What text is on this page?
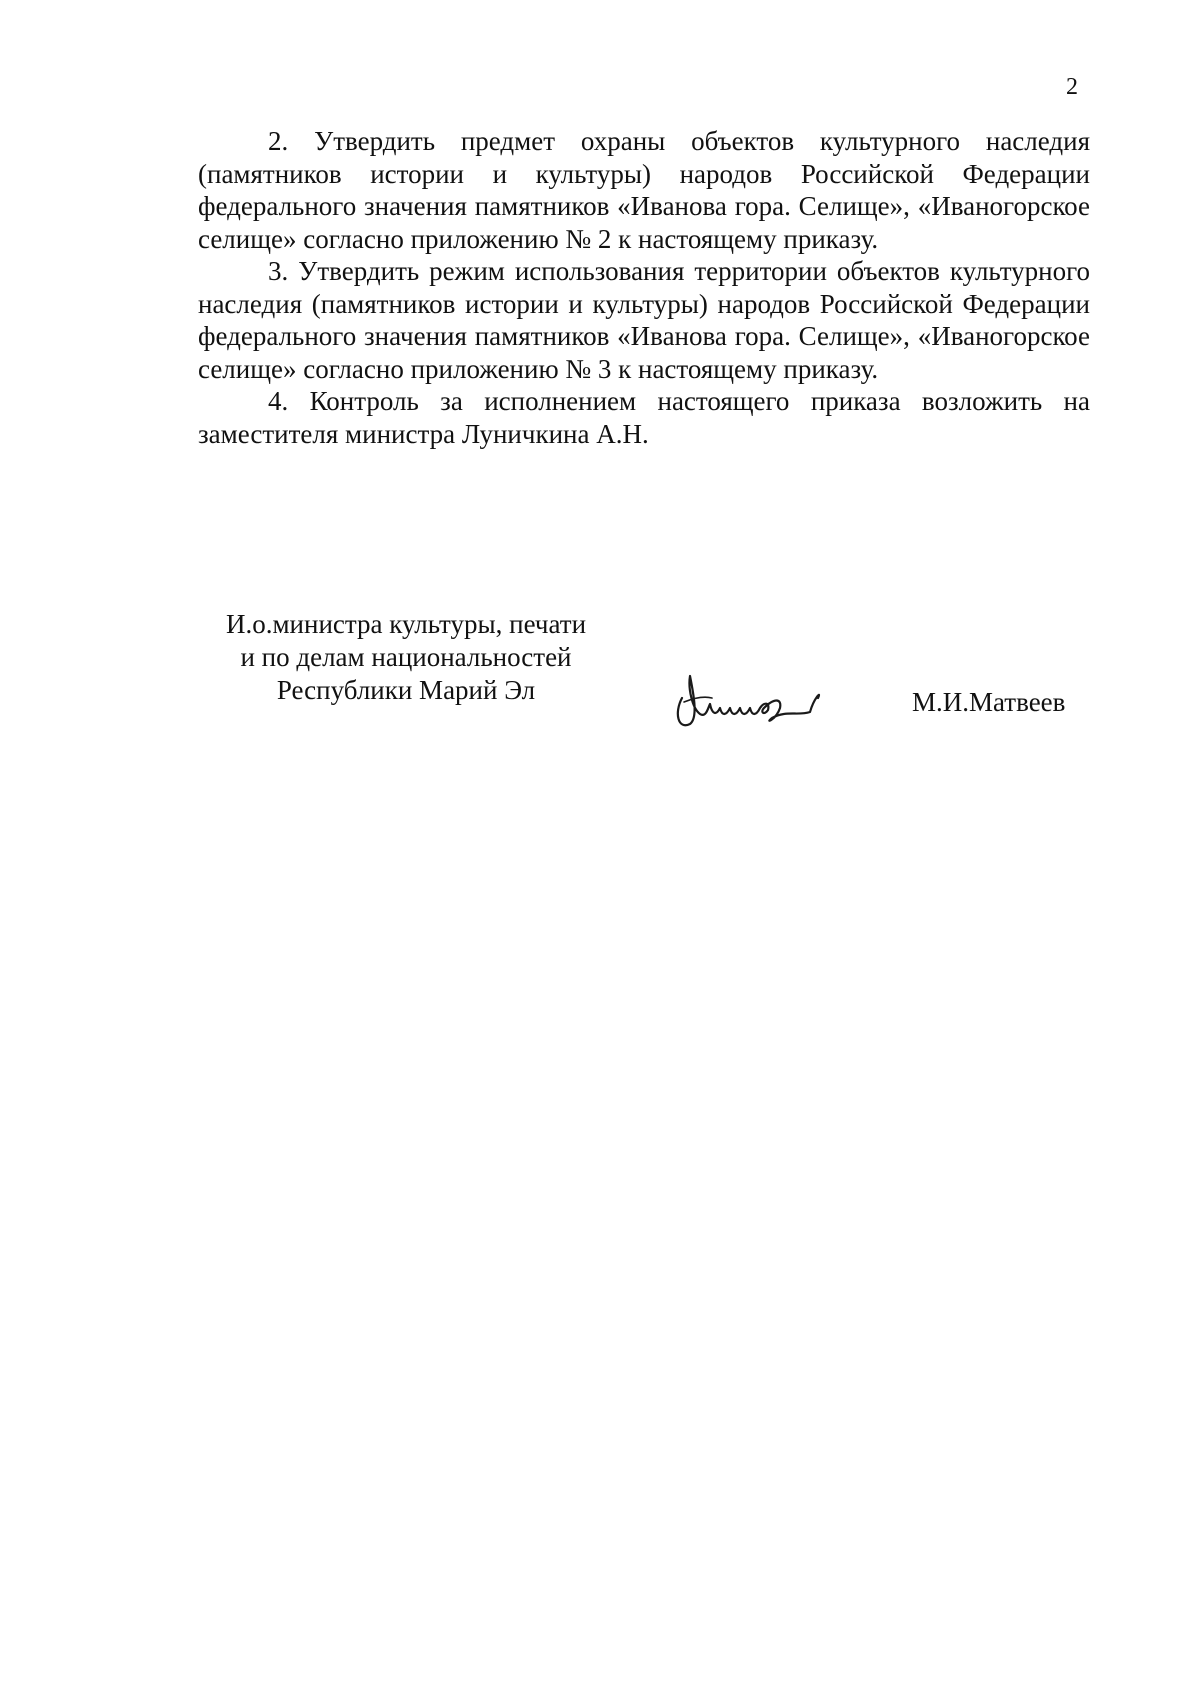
2

2. Утвердить предмет охраны объектов культурного наследия (памятников истории и культуры) народов Российской Федерации федерального значения памятников «Иванова гора. Селище», «Иваногорское селище» согласно приложению № 2 к настоящему приказу.

3. Утвердить режим использования территории объектов культурного наследия (памятников истории и культуры) народов Российской Федерации федерального значения памятников «Иванова гора. Селище», «Иваногорское селище» согласно приложению № 3 к настоящему приказу.

4. Контроль за исполнением настоящего приказа возложить на заместителя министра Луничкина А.Н.

И.о.министра культуры, печати
и по делам национальностей
Республики Марий Эл	М.И.Матвеев
